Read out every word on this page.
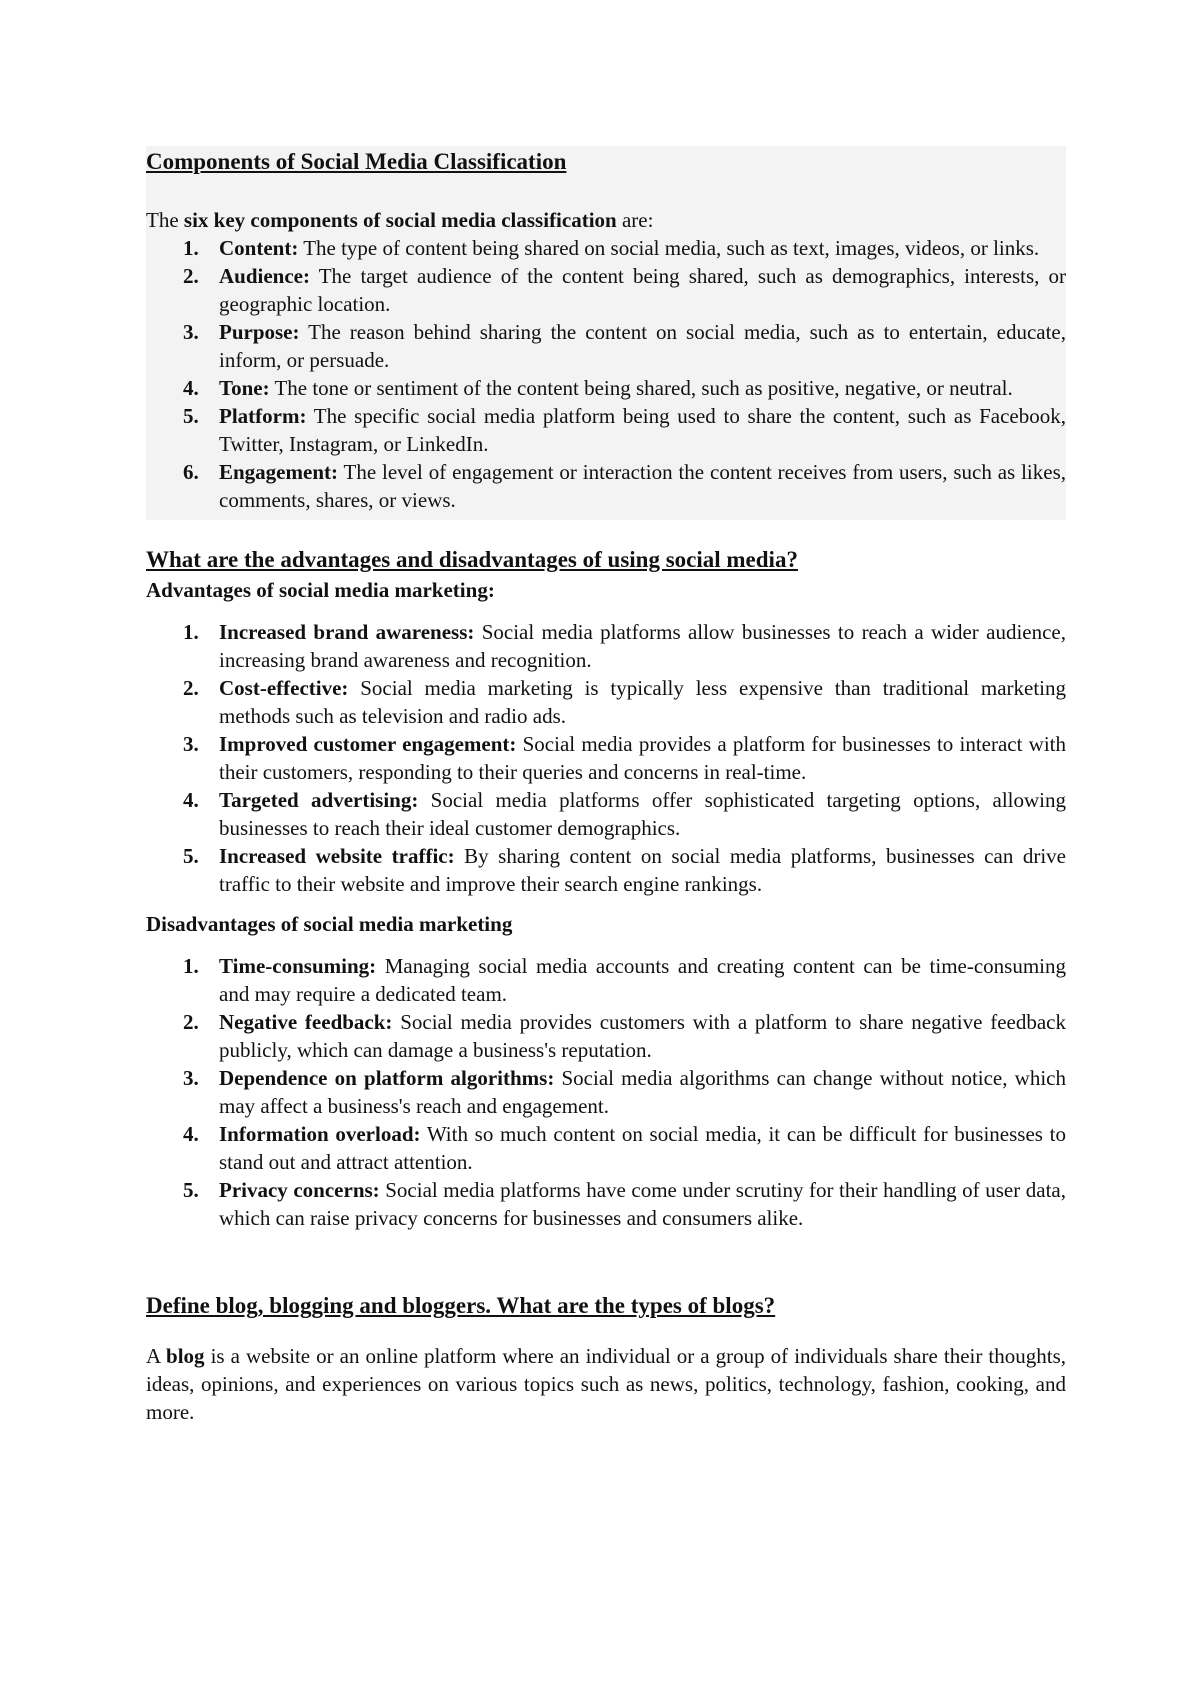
Components of Social Media Classification

The six key components of social media classification are:

1. Content: The type of content being shared on social media, such as text, images, videos, or links.
2. Audience: The target audience of the content being shared, such as demographics, interests, or geographic location.
3. Purpose: The reason behind sharing the content on social media, such as to entertain, educate, inform, or persuade.
4. Tone: The tone or sentiment of the content being shared, such as positive, negative, or neutral.
5. Platform: The specific social media platform being used to share the content, such as Facebook, Twitter, Instagram, or LinkedIn.
6. Engagement: The level of engagement or interaction the content receives from users, such as likes, comments, shares, or views.
What are the advantages and disadvantages of using social media?

Advantages of social media marketing:

1. Increased brand awareness: Social media platforms allow businesses to reach a wider audience, increasing brand awareness and recognition.
2. Cost-effective: Social media marketing is typically less expensive than traditional marketing methods such as television and radio ads.
3. Improved customer engagement: Social media provides a platform for businesses to interact with their customers, responding to their queries and concerns in real-time.
4. Targeted advertising: Social media platforms offer sophisticated targeting options, allowing businesses to reach their ideal customer demographics.
5. Increased website traffic: By sharing content on social media platforms, businesses can drive traffic to their website and improve their search engine rankings.

Disadvantages of social media marketing

1. Time-consuming: Managing social media accounts and creating content can be time-consuming and may require a dedicated team.
2. Negative feedback: Social media provides customers with a platform to share negative feedback publicly, which can damage a business's reputation.
3. Dependence on platform algorithms: Social media algorithms can change without notice, which may affect a business's reach and engagement.
4. Information overload: With so much content on social media, it can be difficult for businesses to stand out and attract attention.
5. Privacy concerns: Social media platforms have come under scrutiny for their handling of user data, which can raise privacy concerns for businesses and consumers alike.
Define blog, blogging and bloggers. What are the types of blogs?

A blog is a website or an online platform where an individual or a group of individuals share their thoughts, ideas, opinions, and experiences on various topics such as news, politics, technology, fashion, cooking, and more.
